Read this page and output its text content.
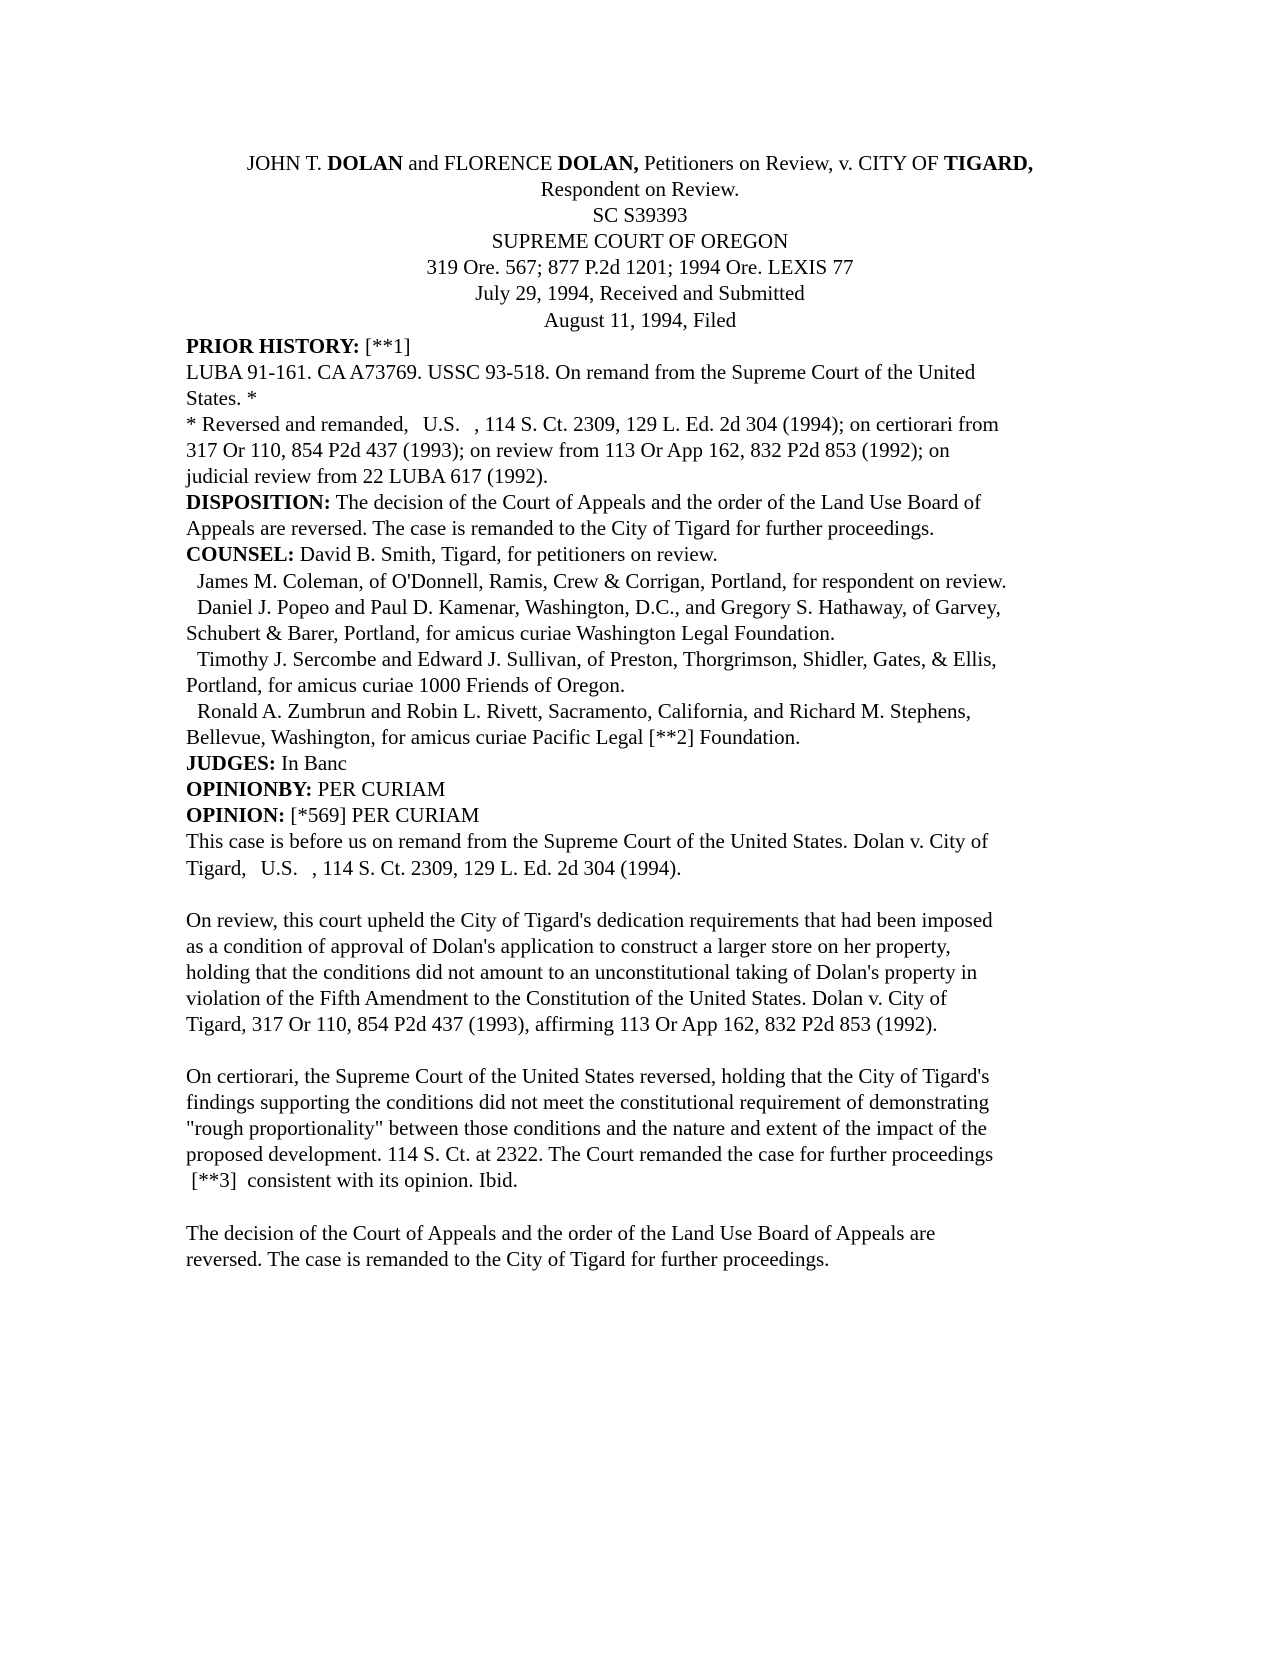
JOHN T. DOLAN and FLORENCE DOLAN, Petitioners on Review, v. CITY OF TIGARD,
Respondent on Review.
SC S39393
SUPREME COURT OF OREGON
319 Ore. 567; 877 P.2d 1201; 1994 Ore. LEXIS 77
July 29, 1994, Received and Submitted
August 11, 1994, Filed
PRIOR HISTORY: [**1]
LUBA 91-161. CA A73769. USSC 93-518. On remand from the Supreme Court of the United
States. *
* Reversed and remanded, U.S. , 114 S. Ct. 2309, 129 L. Ed. 2d 304 (1994); on certiorari from
317 Or 110, 854 P2d 437 (1993); on review from 113 Or App 162, 832 P2d 853 (1992); on
judicial review from 22 LUBA 617 (1992).
DISPOSITION: The decision of the Court of Appeals and the order of the Land Use Board of
Appeals are reversed. The case is remanded to the City of Tigard for further proceedings.
COUNSEL: David B. Smith, Tigard, for petitioners on review.
James M. Coleman, of O'Donnell, Ramis, Crew & Corrigan, Portland, for respondent on review.
Daniel J. Popeo and Paul D. Kamenar, Washington, D.C., and Gregory S. Hathaway, of Garvey,
Schubert & Barer, Portland, for amicus curiae Washington Legal Foundation.
Timothy J. Sercombe and Edward J. Sullivan, of Preston, Thorgrimson, Shidler, Gates, & Ellis,
Portland, for amicus curiae 1000 Friends of Oregon.
Ronald A. Zumbrun and Robin L. Rivett, Sacramento, California, and Richard M. Stephens,
Bellevue, Washington, for amicus curiae Pacific Legal [**2] Foundation.
JUDGES: In Banc
OPINIONBY: PER CURIAM
OPINION: [*569] PER CURIAM
This case is before us on remand from the Supreme Court of the United States. Dolan v. City of
Tigard, U.S. , 114 S. Ct. 2309, 129 L. Ed. 2d 304 (1994).
On review, this court upheld the City of Tigard's dedication requirements that had been imposed
as a condition of approval of Dolan's application to construct a larger store on her property,
holding that the conditions did not amount to an unconstitutional taking of Dolan's property in
violation of the Fifth Amendment to the Constitution of the United States. Dolan v. City of
Tigard, 317 Or 110, 854 P2d 437 (1993), affirming 113 Or App 162, 832 P2d 853 (1992).
On certiorari, the Supreme Court of the United States reversed, holding that the City of Tigard's
findings supporting the conditions did not meet the constitutional requirement of demonstrating
"rough proportionality" between those conditions and the nature and extent of the impact of the
proposed development. 114 S. Ct. at 2322. The Court remanded the case for further proceedings
[**3]  consistent with its opinion. Ibid.
The decision of the Court of Appeals and the order of the Land Use Board of Appeals are
reversed. The case is remanded to the City of Tigard for further proceedings.
